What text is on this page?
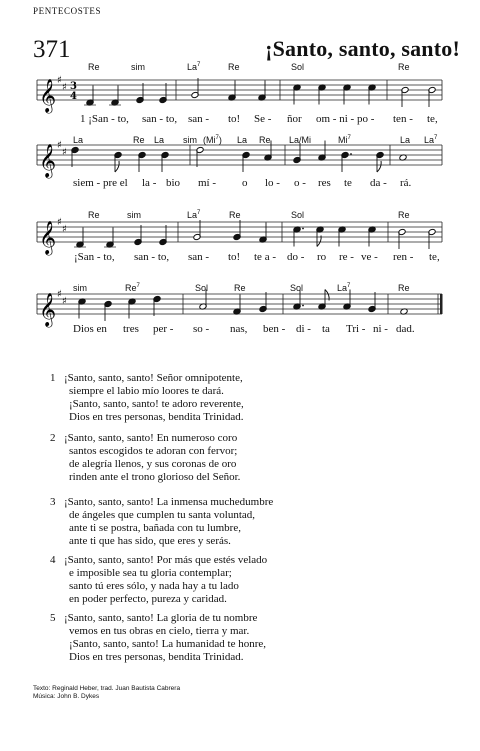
PENTECOSTES
371	¡Santo, santo, santo!
𝄞 ♯
♯ 3
4
𝄞 ♯
♯
𝄞 ♯
♯
𝄞 ♯
♯
Re	sim	La$^7$	Re	Sol	Re
1 ¡San - to, san - to, san - to! Se - ñor om - ni - po - ten - te,
La	Re La sim (Mi$^7$) La Re La/Mi	Mi$^7$	La La$^7$
siem - pre el la - bio mí - o lo - o - res te da - rá.
Re	sim	La$^7$	Re	Sol	Re
¡San - to, san - to, san - to! te a - do - ro re - ve - ren - te,
sim	Re$^7$	Sol	Re	Sol	La$^7$	Re
Dios en tres per - so - nas, ben - di - ta Tri - ni - dad.
1 ¡Santo, santo, santo! Señor omnipotente,
siempre el labio mío loores te dará.
¡Santo, santo, santo! te adoro reverente,
Dios en tres personas, bendita Trinidad.
2 ¡Santo, santo, santo! En numeroso coro
santos escogidos te adoran con fervor;
de alegría llenos, y sus coronas de oro
rinden ante el trono glorioso del Señor.
3 ¡Santo, santo, santo! La inmensa muchedumbre
de ángeles que cumplen tu santa voluntad,
ante ti se postra, bañada con tu lumbre,
ante ti que has sido, que eres y serás.
4 ¡Santo, santo, santo! Por más que estés velado
e imposible sea tu gloria contemplar;
santo tú eres sólo, y nada hay a tu lado
en poder perfecto, pureza y caridad.
5 ¡Santo, santo, santo! La gloria de tu nombre
vemos en tus obras en cielo, tierra y mar.
¡Santo, santo, santo! La humanidad te honre,
Dios en tres personas, bendita Trinidad.
Texto: Reginald Heber, trad. Juan Bautista Cabrera
Música: John B. Dykes
